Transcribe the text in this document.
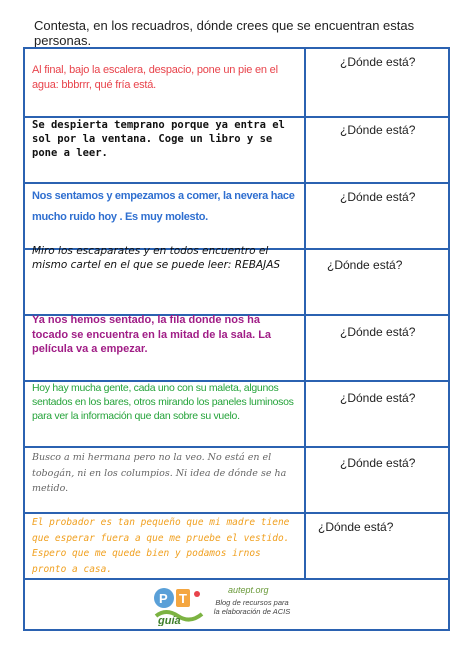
Contesta, en los recuadros, dónde crees que se encuentran estas personas.
Al final, bajo la escalera, despacio, pone un pie en el agua: bbbrrr, qué fría está.
Se despierta temprano porque ya entra el sol por la ventana. Coge un libro y se pone a leer.
Nos sentamos y empezamos a comer, la nevera hace mucho ruido hoy . Es muy molesto.
Miro los escaparates y en todos encuentro el mismo cartel en el que se puede leer: REBAJAS
Ya nos hemos sentado, la fila donde nos ha tocado se encuentra en la mitad de la sala. La película va a empezar.
Hoy hay mucha gente, cada uno con su maleta, algunos sentados en los bares, otros mirando los paneles luminosos para ver la información que dan sobre su vuelo.
Busco a mi hermana pero no la veo. No está en el tobogán, ni en los columpios. Ni idea de dónde se ha metido.
El probador es tan pequeño que mi madre tiene que esperar fuera a que me pruebe el vestido. Espero que me quede bien y podamos irnos pronto a casa.
¿Dónde está?
¿Dónde está?
¿Dónde está?
¿Dónde está?
¿Dónde está?
¿Dónde está?
¿Dónde está?
¿Dónde está?
P T
guía
autept.org
Blog de recursos para la elaboración de ACIS
